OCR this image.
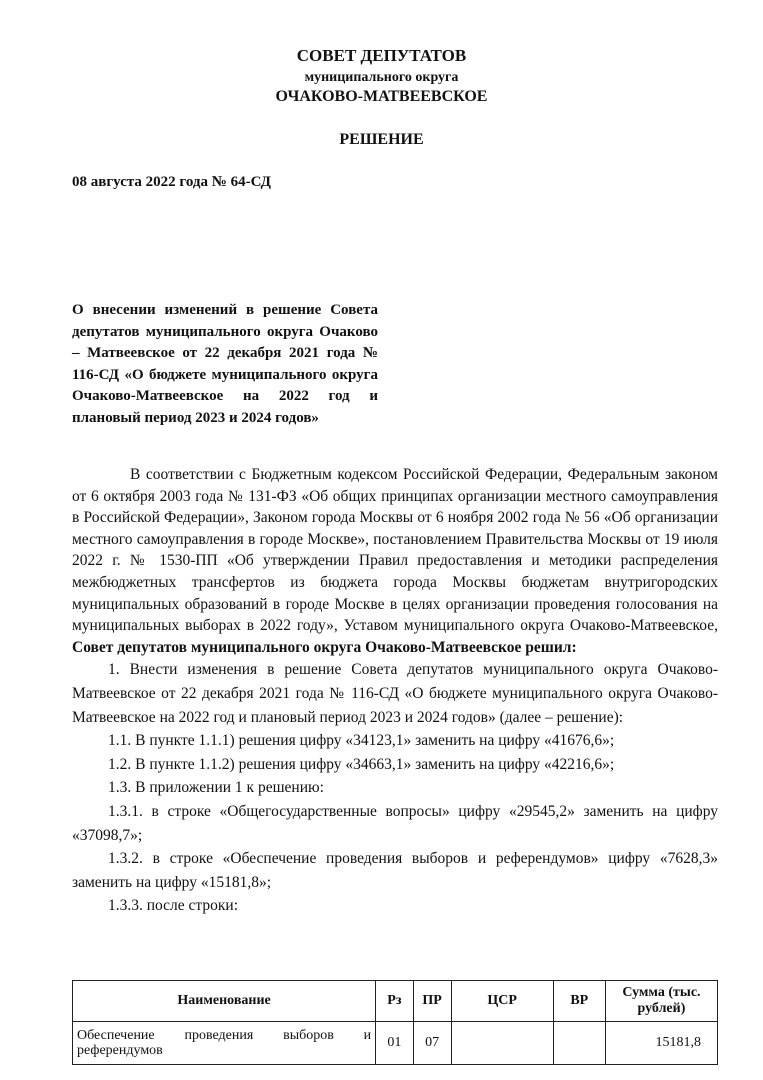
СОВЕТ ДЕПУТАТОВ
муниципального округа
ОЧАКОВО-МАТВЕЕВСКОЕ
РЕШЕНИЕ
08 августа 2022 года № 64-СД
О внесении изменений в решение Совета депутатов муниципального округа Очаково – Матвеевское от 22 декабря 2021 года № 116-СД «О бюджете муниципального округа Очаково-Матвеевское на 2022 год и плановый период 2023 и 2024 годов»

В соответствии с Бюджетным кодексом Российской Федерации, Федеральным законом от 6 октября 2003 года № 131-ФЗ «Об общих принципах организации местного самоуправления в Российской Федерации», Законом города Москвы от 6 ноября 2002 года № 56 «Об организации местного самоуправления в городе Москве», постановлением Правительства Москвы от 19 июля 2022 г. № 1530-ПП «Об утверждении Правил предоставления и методики распределения межбюджетных трансфертов из бюджета города Москвы бюджетам внутригородских муниципальных образований в городе Москве в целях организации проведения голосования на муниципальных выборах в 2022 году», Уставом муниципального округа Очаково-Матвеевское, Совет депутатов муниципального округа Очаково-Матвеевское решил:

1. Внести изменения в решение Совета депутатов муниципального округа Очаково-Матвеевское от 22 декабря 2021 года № 116-СД «О бюджете муниципального округа Очаково-Матвеевское на 2022 год и плановый период 2023 и 2024 годов» (далее – решение):

1.1. В пункте 1.1.1) решения цифру «34123,1» заменить на цифру «41676,6»;

1.2. В пункте 1.1.2) решения цифру «34663,1» заменить на цифру «42216,6»;

1.3. В приложении 1 к решению:

1.3.1. в строке «Общегосударственные вопросы» цифру «29545,2» заменить на цифру «37098,7»;

1.3.2. в строке «Обеспечение проведения выборов и референдумов» цифру «7628,3» заменить на цифру «15181,8»;

1.3.3. после строки:

Наименование	Рз	ПР	ЦСР	ВР	Сумма (тыс. рублей)
Обеспечение проведения выборов и референдумов	01	07			15181,8
